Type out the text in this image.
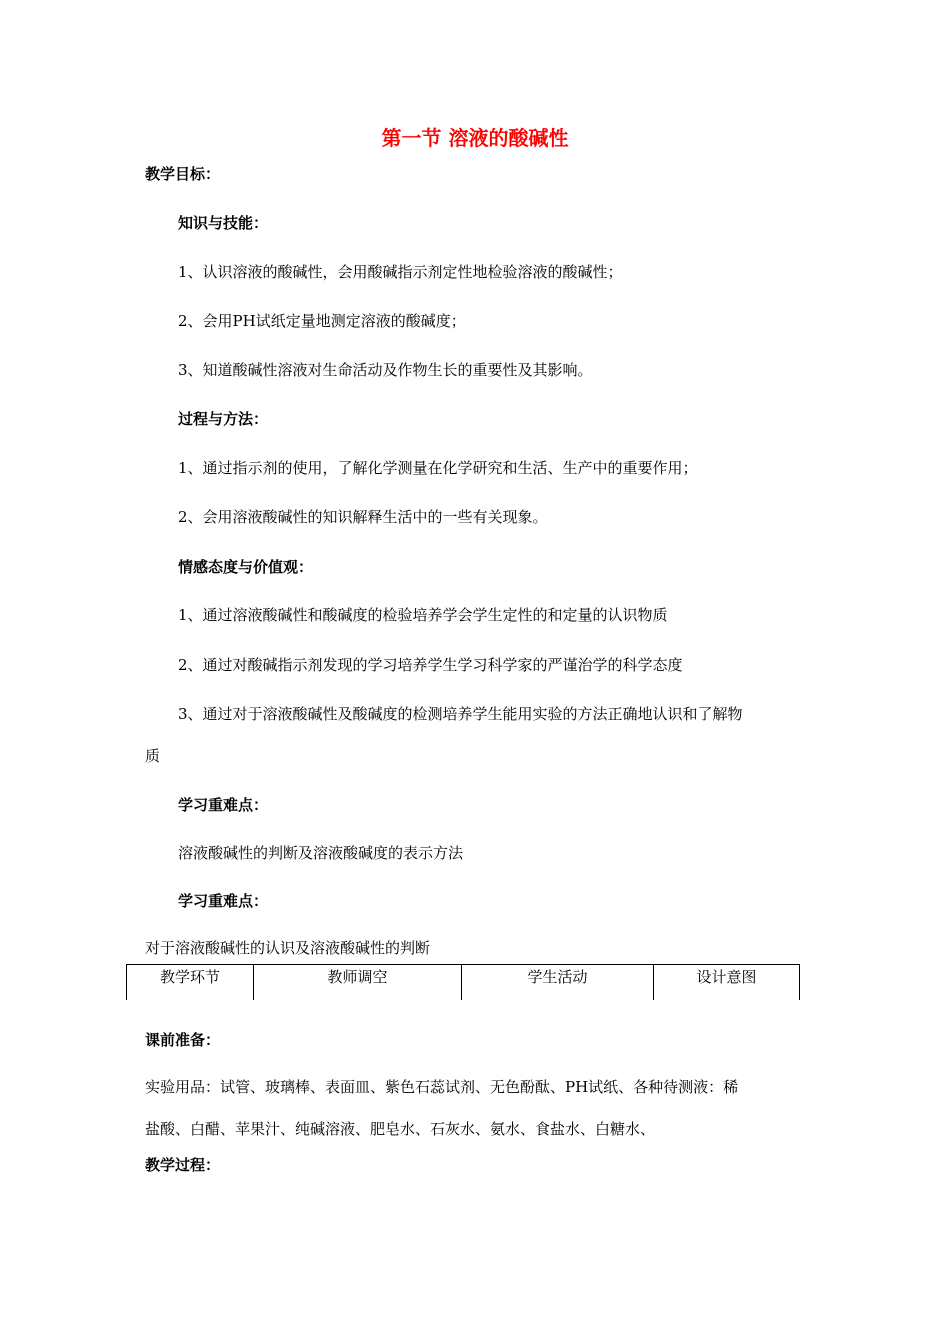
第一节 溶液的酸碱性
教学目标：
知识与技能：
1、认识溶液的酸碱性，会用酸碱指示剂定性地检验溶液的酸碱性；
2、会用PH试纸定量地测定溶液的酸碱度；
3、知道酸碱性溶液对生命活动及作物生长的重要性及其影响。
过程与方法：
1、通过指示剂的使用，了解化学测量在化学研究和生活、生产中的重要作用；
2、会用溶液酸碱性的知识解释生活中的一些有关现象。
情感态度与价值观：
1、通过溶液酸碱性和酸碱度的检验培养学会学生定性的和定量的认识物质
2、通过对酸碱指示剂发现的学习培养学生学习科学家的严谨治学的科学态度
3、通过对于溶液酸碱性及酸碱度的检测培养学生能用实验的方法正确地认识和了解物
质
学习重难点：
溶液酸碱性的判断及溶液酸碱度的表示方法
学习重难点：
对于溶液酸碱性的认识及溶液酸碱性的判断
教学环节	教师调空	学生活动	设计意图
课前准备：
实验用品：试管、玻璃棒、表面皿、紫色石蕊试剂、无色酚酞、PH试纸、各种待测液：稀
盐酸、白醋、苹果汁、纯碱溶液、肥皂水、石灰水、氨水、食盐水、白糖水、
教学过程：
